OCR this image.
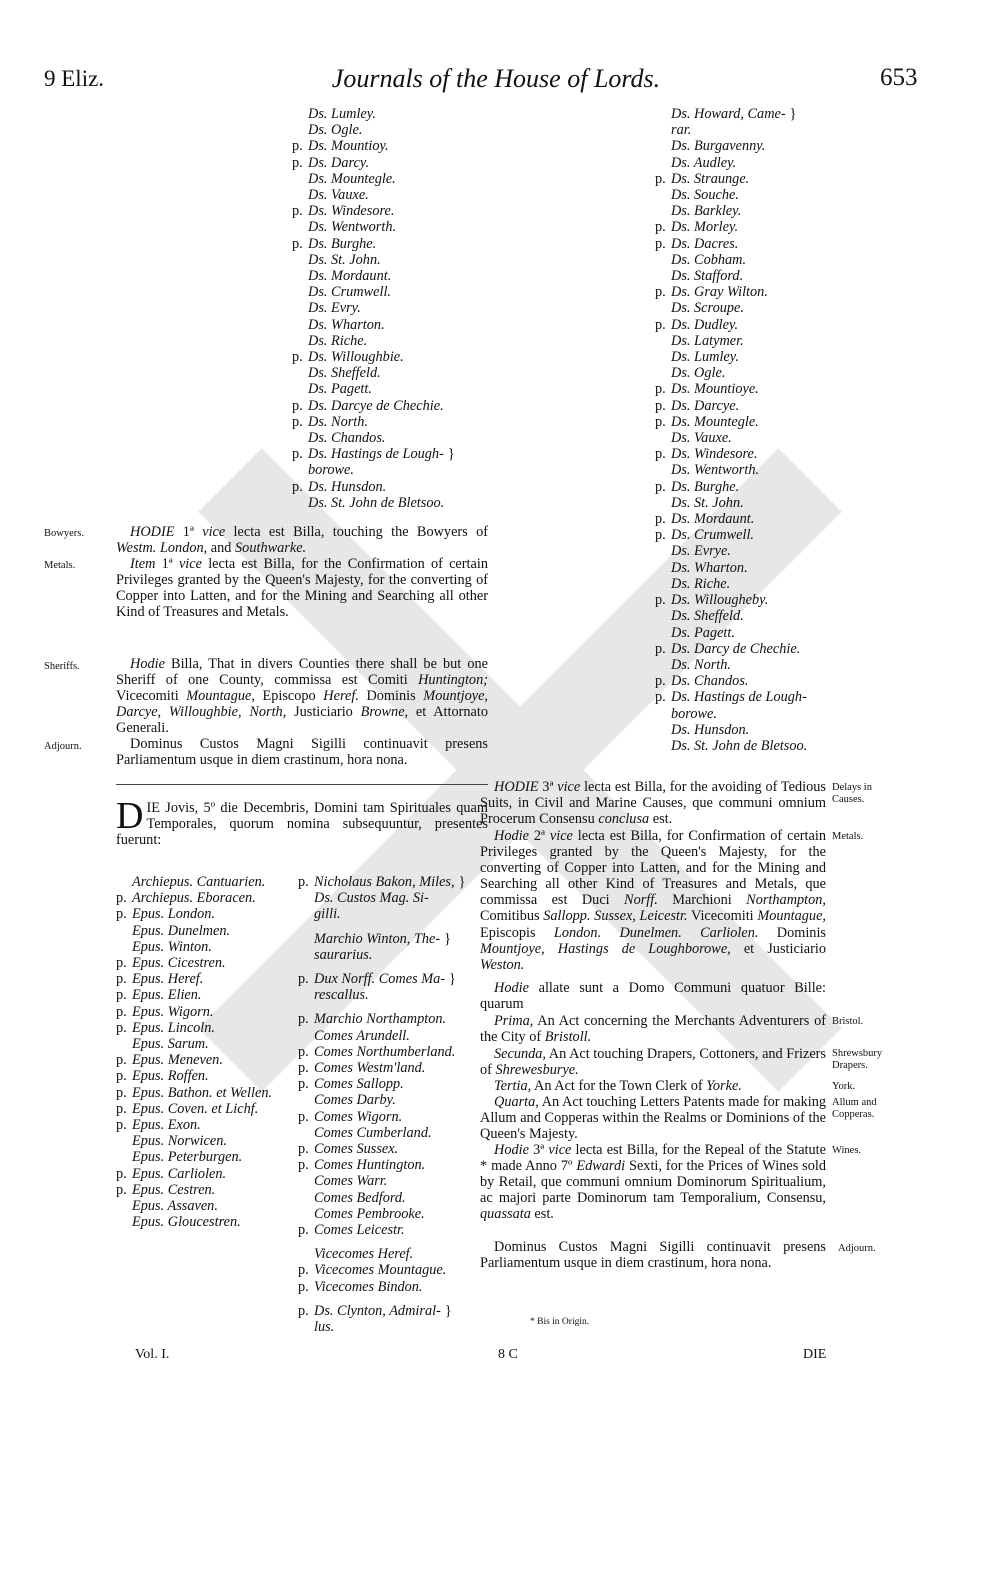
9 Eliz.	Journals of the House of Lords.	653
Ds. Lumley.
Ds. Ogle.
p. Ds. Mountioy.
p. Ds. Darcy.
Ds. Mountegle.
Ds. Vauxe.
p. Ds. Windesore.
Ds. Wentworth.
p. Ds. Burghe.
Ds. St. John.
Ds. Mordaunt.
Ds. Crumwell.
Ds. Evry.
Ds. Wharton.
Ds. Riche.
p. Ds. Willoughbie.
Ds. Sheffeld.
Ds. Pagett.
p. Ds. Darcye de Chechie.
p. Ds. North.
Ds. Chandos.
p. Ds. Hastings de Lough- }
borowe.
p. Ds. Hunsdon.
Ds. St. John de Bletsoo.
Ds. Howard, Came- }
rar.
Ds. Burgavenny.
Ds. Audley.
p. Ds. Straunge.
Ds. Souche.
Ds. Barkley.
p. Ds. Morley.
p. Ds. Dacres.
Ds. Cobham.
Ds. Stafford.
p. Ds. Gray Wilton.
Ds. Scroupe.
p. Ds. Dudley.
Ds. Latymer.
Ds. Lumley.
Ds. Ogle.
p. Ds. Mountioye.
p. Ds. Darcye.
p. Ds. Mountegle.
Ds. Vauxe.
p. Ds. Windesore.
Ds. Wentworth.
p. Ds. Burghe.
Ds. St. John.
p. Ds. Mordaunt.
p. Ds. Crumwell.
Ds. Evrye.
Ds. Wharton.
Ds. Riche.
p. Ds. Willougheby.
Ds. Sheffeld.
Ds. Pagett.
p. Ds. Darcy de Chechie.
Ds. North.
p. Ds. Chandos.
p. Ds. Hastings de Lough-
borowe.
Ds. Hunsdon.
Ds. St. John de Bletsoo.
Bowyers.	HODIE 1ª vice lecta est Billa, touching the Bowyers of Westm. London, and Southwarke.
Metals.	Item 1ª vice lecta est Billa, for the Confirmation of certain Privileges granted by the Queen's Majesty, for the converting of Copper into Latten, and for the Mining and Searching all other Kind of Treasures and Metals.
Sheriffs.	Hodie Billa, That in divers Counties there shall be but one Sheriff of one County, commissa est Comiti Huntington; Vicecomiti Mountague, Episcopo Heref. Dominis Mountjoye, Darcye, Willoughbie, North, Justiciario Browne, et Attornato Generali.
Adjourn.	Dominus Custos Magni Sigilli continuavit presens Parliamentum usque in diem crastinum, hora nona.
DIE Jovis, 5º die Decembris, Domini tam Spirituales quam Temporales, quorum nomina subsequuntur, presentes fuerunt:
Archiepus. Cantuarien.
p. Archiepus. Eboracen.
p. Epus. London.
Epus. Dunelmen.
Epus. Winton.
p. Epus. Cicestren.
p. Epus. Heref.
p. Epus. Elien.
p. Epus. Wigorn.
p. Epus. Lincoln.
Epus. Sarum.
p. Epus. Meneven.
p. Epus. Roffen.
p. Epus. Bathon. et Wellen.
p. Epus. Coven. et Lichf.
p. Epus. Exon.
Epus. Norwicen.
Epus. Peterburgen.
p. Epus. Carliolen.
p. Epus. Cestren.
Epus. Assaven.
Epus. Gloucestren.
p. Nicholaus Bakon, Miles, }
Ds. Custos Mag. Si-
gilli.
Marchio Winton, The- }
saurarius.
p. Dux Norff. Comes Ma- }
rescallus.
p. Marchio Northampton.
Comes Arundell.
p. Comes Northumberland.
p. Comes Westm'land.
p. Comes Sallopp.
Comes Darby.
p. Comes Wigorn.
Comes Cumberland.
p. Comes Sussex.
p. Comes Huntington.
Comes Warr.
Comes Bedford.
Comes Pembrooke.
p. Comes Leicestr.
Vicecomes Heref.
p. Vicecomes Mountague.
p. Vicecomes Bindon.
p. Ds. Clynton, Admiral- }
lus.
HODIE 3ª vice lecta est Billa, for the avoiding of Tedious Suits, in Civil and Marine Causes, que communi omnium Procerum Consensu conclusa est.
Delays in Causes.
Hodie 2ª vice lecta est Billa, for Confirmation of certain Privileges granted by the Queen's Majesty, for the converting of Copper into Latten, and for the Mining and Searching all other Kind of Treasures and Metals, que commissa est Duci Norff. Marchioni Northampton, Comitibus Sallopp. Sussex, Leicestr. Vicecomiti Mountague, Episcopis London. Dunelmen. Carliolen. Dominis Mountjoye, Hastings de Loughborowe, et Justiciario Weston.
Metals.
Hodie allate sunt a Domo Communi quatuor Bille: quarum
Prima, An Act concerning the Merchants Adventurers of the City of Bristoll.
Bristol.
Secunda, An Act touching Drapers, Cottoners, and Frizers of Shrewesburye.
Shrewsbury Drapers.
Tertia, An Act for the Town Clerk of Yorke.	York.
Quarta, An Act touching Letters Patents made for making Allum and Copperas within the Realms or Dominions of the Queen's Majesty.
Allum and Copperas.
Hodie 3ª vice lecta est Billa, for the Repeal of the Statute * made Anno 7º Edwardi Sexti, for the Prices of Wines sold by Retail, que communi omnium Dominorum Spiritualium, ac majori parte Dominorum tam Temporalium, Consensu, quassata est.
Wines.
Dominus Custos Magni Sigilli continuavit presens Parliamentum usque in diem crastinum, hora nona.
Adjourn.
* Bis in Origin.
Vol. I.	8 C	DIE
